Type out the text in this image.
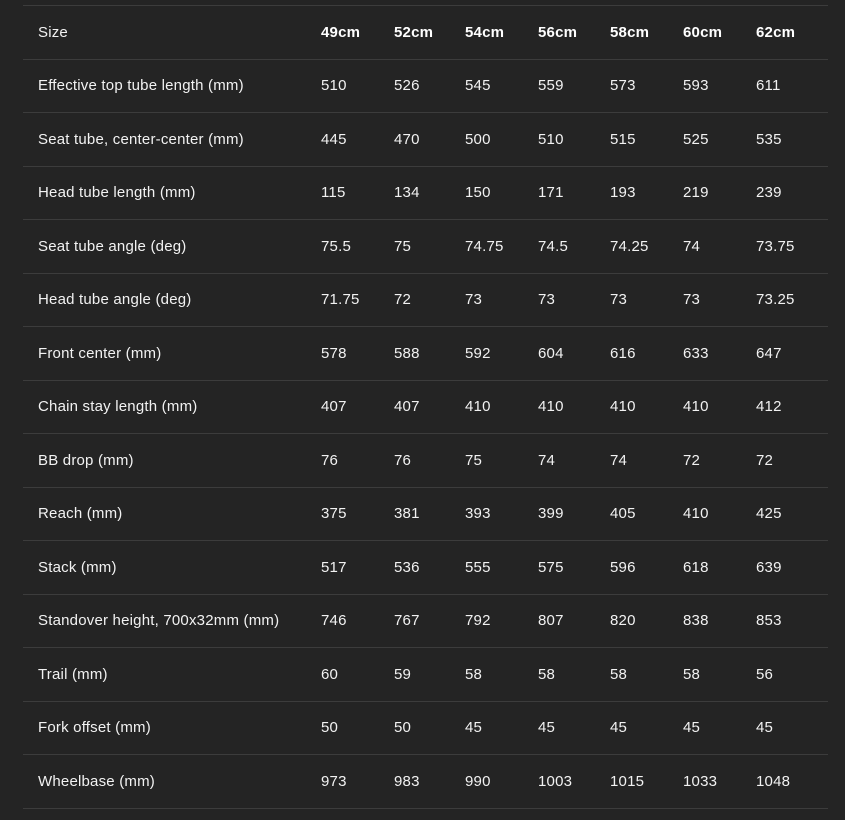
Size	49cm	52cm	54cm	56cm	58cm	60cm	62cm
Effective top tube length (mm)	510	526	545	559	573	593	611
Seat tube, center-center (mm)	445	470	500	510	515	525	535
Head tube length (mm)	115	134	150	171	193	219	239
Seat tube angle (deg)	75.5	75	74.75	74.5	74.25	74	73.75
Head tube angle (deg)	71.75	72	73	73	73	73	73.25
Front center (mm)	578	588	592	604	616	633	647
Chain stay length (mm)	407	407	410	410	410	410	412
BB drop (mm)	76	76	75	74	74	72	72
Reach (mm)	375	381	393	399	405	410	425
Stack (mm)	517	536	555	575	596	618	639
Standover height, 700x32mm (mm)	746	767	792	807	820	838	853
Trail (mm)	60	59	58	58	58	58	56
Fork offset (mm)	50	50	45	45	45	45	45
Wheelbase (mm)	973	983	990	1003	1015	1033	1048
